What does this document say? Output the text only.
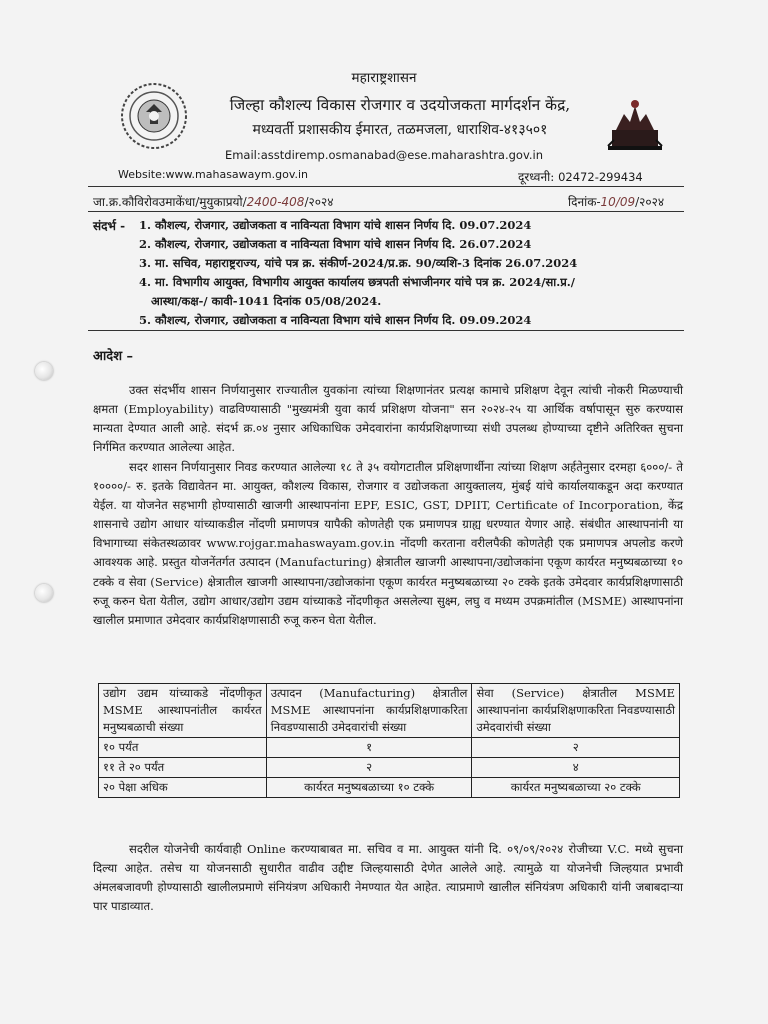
महाराष्ट्रशासन
जिल्हा कौशल्य विकास रोजगार व उदयोजकता मार्गदर्शन केंद्र,
मध्यवर्ती प्रशासकीय ईमारत, तळमजला, धाराशिव-४१३५०१
Email:asstdiremp.osmanabad@ese.maharashtra.gov.in
Website:www.mahasawaym.gov.in	दूरध्वनी: 02472-299434
जा.क्र.कौविरोवउमाकेंधा/मुयुकाप्रयो/2400-408/२०२४	दिनांक-10/09/२०२४
संदर्भ - 1. कौशल्य, रोजगार, उद्योजकता व नाविन्यता विभाग यांचे शासन निर्णय दि. 09.07.2024
2. कौशल्य, रोजगार, उद्योजकता व नाविन्यता विभाग यांचे शासन निर्णय दि. 26.07.2024
3. मा. सचिव, महाराष्ट्रराज्य, यांचे पत्र क्र. संकीर्ण-2024/प्र.क्र. 90/व्यशि-3 दिनांक 26.07.2024
4. मा. विभागीय आयुक्त, विभागीय आयुक्त कार्यालय छत्रपती संभाजीनगर यांचे पत्र क्र. 2024/सा.प्र./
आस्था/कक्ष-/ कावी-1041 दिनांक 05/08/2024.
5. कौशल्य, रोजगार, उद्योजकता व नाविन्यता विभाग यांचे शासन निर्णय दि. 09.09.2024
आदेश –
उक्त संदर्भीय शासन निर्णयानुसार राज्यातील युवकांना त्यांच्या शिक्षणानंतर प्रत्यक्ष कामाचे प्रशिक्षण देवून त्यांची नोकरी मिळण्याची क्षमता (Employability) वाढविण्यासाठी "मुख्यमंत्री युवा कार्य प्रशिक्षण योजना" सन २०२४-२५ या आर्थिक वर्षापासून सुरु करण्यास मान्यता देण्यात आली आहे. संदर्भ क्र.०४ नुसार अधिकाधिक उमेदवारांना कार्यप्रशिक्षणाच्या संधी उपलब्ध होण्याच्या दृष्टीने अतिरिक्त सुचना निर्गमित करण्यात आलेल्या आहेत.
सदर शासन निर्णयानुसार निवड करण्यात आलेल्या १८ ते ३५ वयोगटातील प्रशिक्षणार्थीना त्यांच्या शिक्षण अर्हतेनुसार दरमहा ६०००/- ते १००००/- रु. इतके विद्यावेतन मा. आयुक्त, कौशल्य विकास, रोजगार व उद्योजकता आयुक्तालय, मुंबई यांचे कार्यालयाकडून अदा करण्यात येईल. या योजनेत सहभागी होण्यासाठी खाजगी आस्थापनांना EPF, ESIC, GST, DPIIT, Certificate of Incorporation, केंद्र शासनाचे उद्योग आधार यांच्याकडील नोंदणी प्रमाणपत्र यापैकी कोणतेही एक प्रमाणपत्र ग्राह्य धरण्यात येणार आहे. संबंधीत आस्थापनांनी या विभागाच्या संकेतस्थळावर www.rojgar.mahaswayam.gov.in नोंदणी करताना वरीलपैकी कोणतेही एक प्रमाणपत्र अपलोड करणे आवश्यक आहे. प्रस्तुत योजनेंतर्गत उत्पादन (Manufacturing) क्षेत्रातील खाजगी आस्थापना/उद्योजकांना एकूण कार्यरत मनुष्यबळाच्या १० टक्के व सेवा (Service) क्षेत्रातील खाजगी आस्थापना/उद्योजकांना एकूण कार्यरत मनुष्यबळाच्या २० टक्के इतके उमेदवार कार्यप्रशिक्षणासाठी रुजू करुन घेता येतील, उद्योग आधार/उद्योग उद्यम यांच्याकडे नोंदणीकृत असलेल्या सुक्ष्म, लघु व मध्यम उपक्रमांतील (MSME) आस्थापनांना खालील प्रमाणात उमेदवार कार्यप्रशिक्षणासाठी रुजू करुन घेता येतील.
उद्योग उद्यम यांच्याकडे नोंदणीकृत MSME आस्थापनांतील कार्यरत मनुष्यबळाची संख्या	उत्पादन (Manufacturing) क्षेत्रातील MSME आस्थापनांना कार्यप्रशिक्षणाकरिता निवडण्यासाठी उमेदवारांची संख्या	सेवा (Service) क्षेत्रातील MSME आस्थापनांना कार्यप्रशिक्षणाकरिता निवडण्यासाठी उमेदवारांची संख्या
१० पर्यंत	१	२
११ ते २० पर्यंत	२	४
२० पेक्षा अधिक	कार्यरत मनुष्यबळाच्या १० टक्के	कार्यरत मनुष्यबळाच्या २० टक्के
सदरील योजनेची कार्यवाही Online करण्याबाबत मा. सचिव व मा. आयुक्त यांनी दि. ०९/०९/२०२४ रोजीच्या V.C. मध्ये सुचना दिल्या आहेत. तसेच या योजनसाठी सुधारीत वाढीव उद्दीष्ट जिल्हयासाठी देणेत आलेले आहे. त्यामुळे या योजनेची जिल्हयात प्रभावी अंमलबजावणी होण्यासाठी खालीलप्रमाणे संनियंत्रण अधिकारी नेमण्यात येत आहेत. त्याप्रमाणे खालील संनियंत्रण अधिकारी यांनी जबाबदाऱ्या पार पाडाव्यात.
